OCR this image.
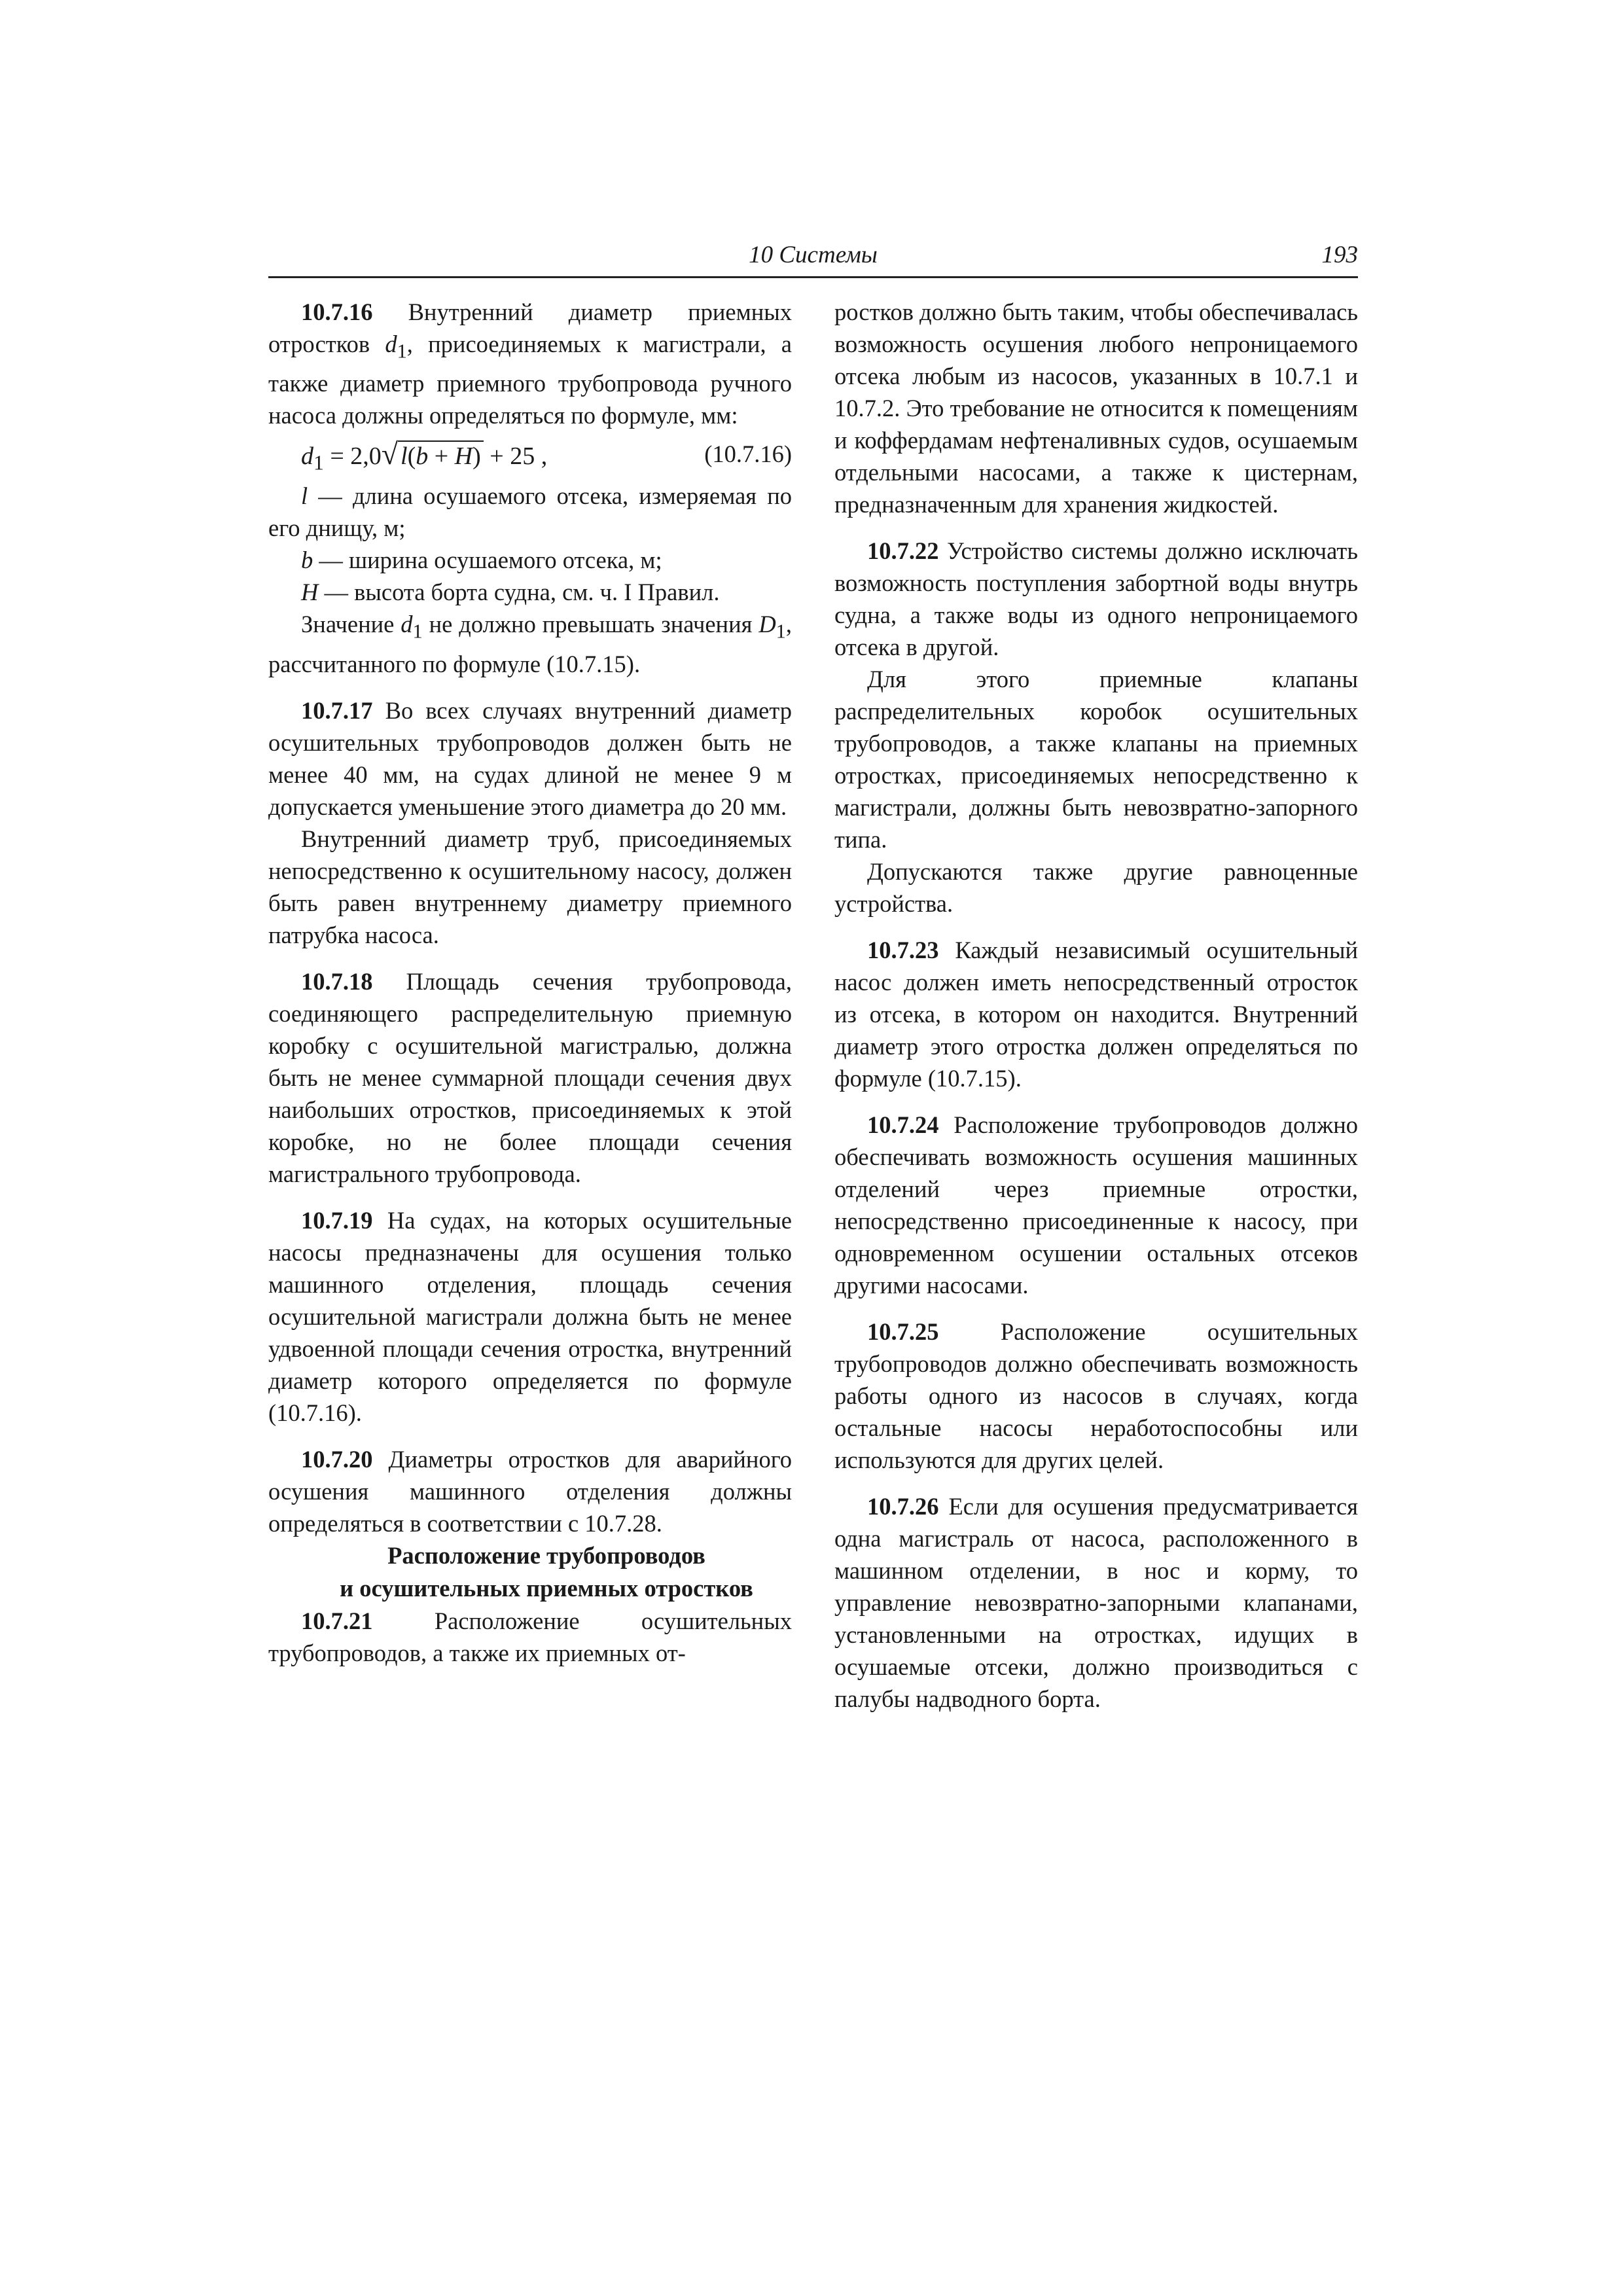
10 Системы	193

10.7.16 Внутренний диаметр приемных отростков $d_1$, присоединяемых к магистрали, а также диаметр приемного трубопровода ручного насоса должны определяться по формуле, мм:

$d_1 = 2,0√$ l(b + H) + 25 ,	(10.7.16)

l — длина осушаемого отсека, измеряемая по его днищу, м;

b — ширина осушаемого отсека, м;

H — высота борта судна, см. ч. I Правил.

Значение $d_1$ не должно превышать значения $D_1$, рассчитанного по формуле (10.7.15).

10.7.17 Во всех случаях внутренний диаметр осушительных трубопроводов должен быть не менее 40 мм, на судах длиной не менее 9 м допускается уменьшение этого диаметра до 20 мм.

Внутренний диаметр труб, присоединяемых непосредственно к осушительному насосу, должен быть равен внутреннему диаметру приемного патрубка насоса.

10.7.18 Площадь сечения трубопровода, соединяющего распределительную приемную коробку с осушительной магистралью, должна быть не менее суммарной площади сечения двух наибольших отростков, присоединяемых к этой коробке, но не более площади сечения магистрального трубопровода.

10.7.19 На судах, на которых осушительные насосы предназначены для осушения только машинного отделения, площадь сечения осушительной магистрали должна быть не менее удвоенной площади сечения отростка, внутренний диаметр которого определяется по формуле (10.7.16).

10.7.20 Диаметры отростков для аварийного осушения машинного отделения должны определяться в соответствии с 10.7.28.

Расположение трубопроводов
и осушительных приемных отростков

10.7.21 Расположение осушительных трубопроводов, а также их приемных от-

ростков должно быть таким, чтобы обеспечивалась возможность осушения любого непроницаемого отсека любым из насосов, указанных в 10.7.1 и 10.7.2. Это требование не относится к помещениям и коффердамам нефтеналивных судов, осушаемым отдельными насосами, а также к цистернам, предназначенным для хранения жидкостей.

10.7.22 Устройство системы должно исключать возможность поступления забортной воды внутрь судна, а также воды из одного непроницаемого отсека в другой.

Для этого приемные клапаны распределительных коробок осушительных трубопроводов, а также клапаны на приемных отростках, присоединяемых непосредственно к магистрали, должны быть невозвратно-запорного типа.

Допускаются также другие равноценные устройства.

10.7.23 Каждый независимый осушительный насос должен иметь непосредственный отросток из отсека, в котором он находится. Внутренний диаметр этого отростка должен определяться по формуле (10.7.15).

10.7.24 Расположение трубопроводов должно обеспечивать возможность осушения машинных отделений через приемные отростки, непосредственно присоединенные к насосу, при одновременном осушении остальных отсеков другими насосами.

10.7.25 Расположение осушительных трубопроводов должно обеспечивать возможность работы одного из насосов в случаях, когда остальные насосы неработоспособны или используются для других целей.

10.7.26 Если для осушения предусматривается одна магистраль от насоса, расположенного в машинном отделении, в нос и корму, то управление невозвратно-запорными клапанами, установленными на отростках, идущих в осушаемые отсеки, должно производиться с палубы надводного борта.
